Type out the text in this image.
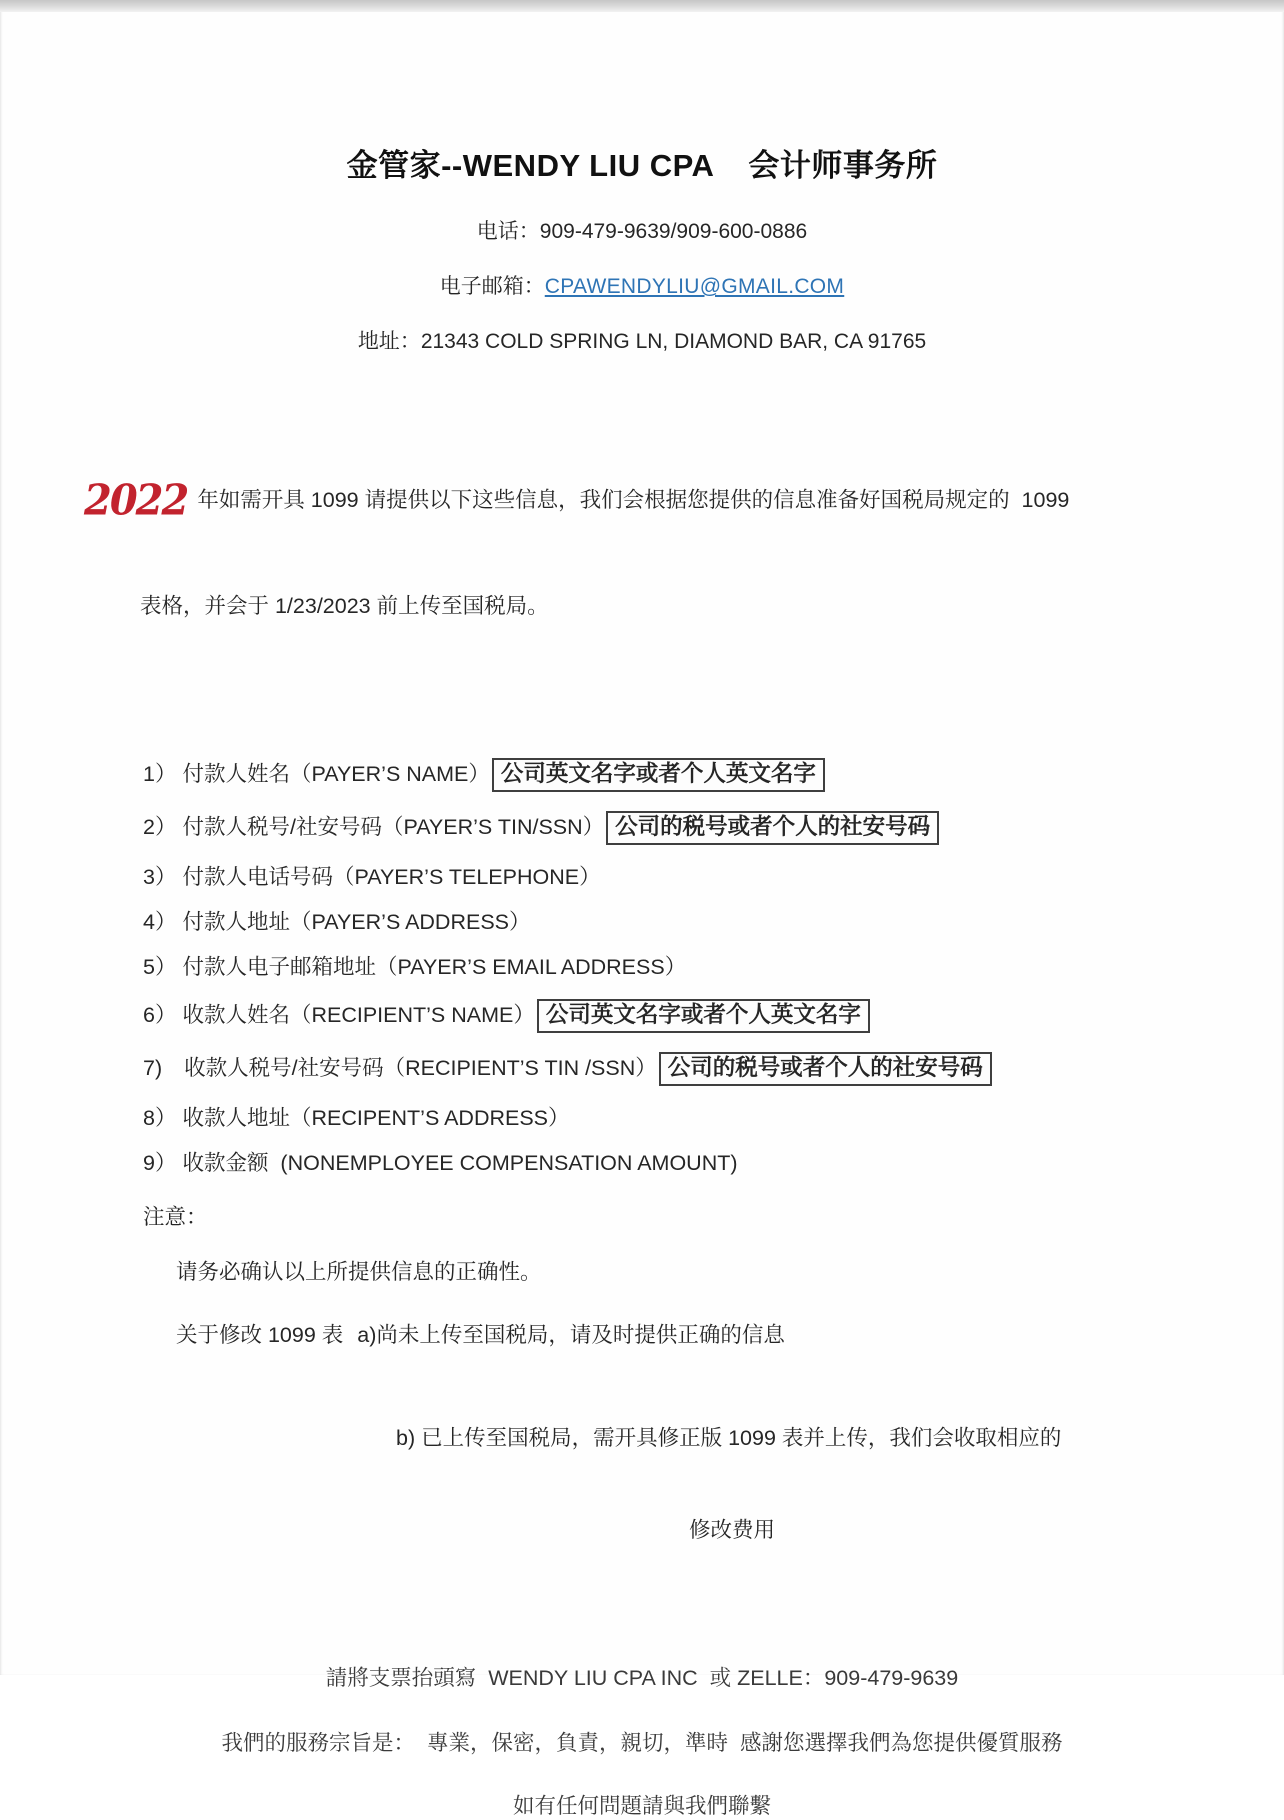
金管家--WENDY LIU CPA 会计师事务所
电话：909-479-9639/909-600-0886
电子邮箱：CPAWENDYLIU@GMAIL.COM
地址：21343 COLD SPRING LN, DIAMOND BAR, CA 91765

2022 年如需开具 1099 请提供以下这些信息，我们会根据您提供的信息准备好国税局规定的  1099

表格，并会于 1/23/2023 前上传至国税局。

1） 付款人姓名（PAYER’S NAME） 公司英文名字或者个人英文名字
2） 付款人税号/社安号码（PAYER’S TIN/SSN） 公司的税号或者个人的社安号码
3） 付款人电话号码（PAYER’S TELEPHONE）
4） 付款人地址（PAYER’S ADDRESS）
5） 付款人电子邮箱地址（PAYER’S EMAIL ADDRESS）
6） 收款人姓名（RECIPIENT’S NAME） 公司英文名字或者个人英文名字
7) 收款人税号/社安号码（RECIPIENT’S TIN /SSN） 公司的税号或者个人的社安号码
8） 收款人地址（RECIPENT’S ADDRESS）
9） 收款金额  (NONEMPLOYEE COMPENSATION AMOUNT)
注意：
请务必确认以上所提供信息的正确性。
关于修改 1099 表 a)尚未上传至国税局，请及时提供正确的信息

b) 已上传至国税局，需开具修正版 1099 表并上传，我们会收取相应的

修改费用

請將支票抬頭寫  WENDY LIU CPA INC  或 ZELLE：909-479-9639
我們的服務宗旨是：  專業，保密，負責，親切，準時  感謝您選擇我們為您提供優質服務
如有任何問題請與我們聯繫
